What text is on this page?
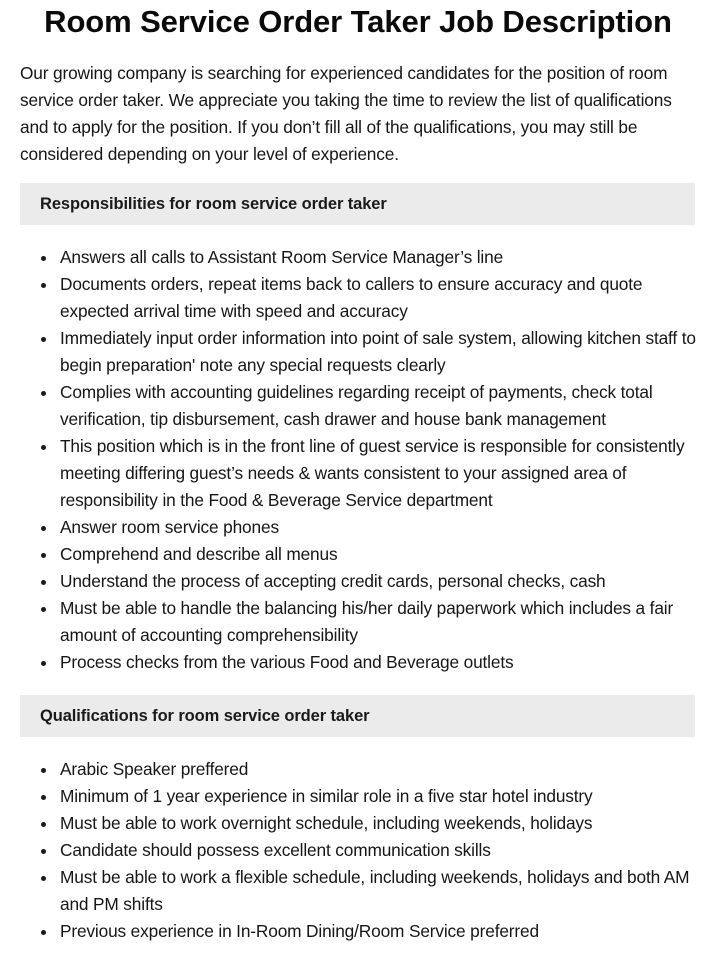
Room Service Order Taker Job Description

Our growing company is searching for experienced candidates for the position of room service order taker. We appreciate you taking the time to review the list of qualifications and to apply for the position. If you don’t fill all of the qualifications, you may still be considered depending on your level of experience.

Responsibilities for room service order taker
Answers all calls to Assistant Room Service Manager’s line
Documents orders, repeat items back to callers to ensure accuracy and quote expected arrival time with speed and accuracy
Immediately input order information into point of sale system, allowing kitchen staff to begin preparation' note any special requests clearly
Complies with accounting guidelines regarding receipt of payments, check total verification, tip disbursement, cash drawer and house bank management
This position which is in the front line of guest service is responsible for consistently meeting differing guest’s needs & wants consistent to your assigned area of responsibility in the Food & Beverage Service department
Answer room service phones
Comprehend and describe all menus
Understand the process of accepting credit cards, personal checks, cash
Must be able to handle the balancing his/her daily paperwork which includes a fair amount of accounting comprehensibility
Process checks from the various Food and Beverage outlets
Qualifications for room service order taker
Arabic Speaker preffered
Minimum of 1 year experience in similar role in a five star hotel industry
Must be able to work overnight schedule, including weekends, holidays
Candidate should possess excellent communication skills
Must be able to work a flexible schedule, including weekends, holidays and both AM and PM shifts
Previous experience in In-Room Dining/Room Service preferred
